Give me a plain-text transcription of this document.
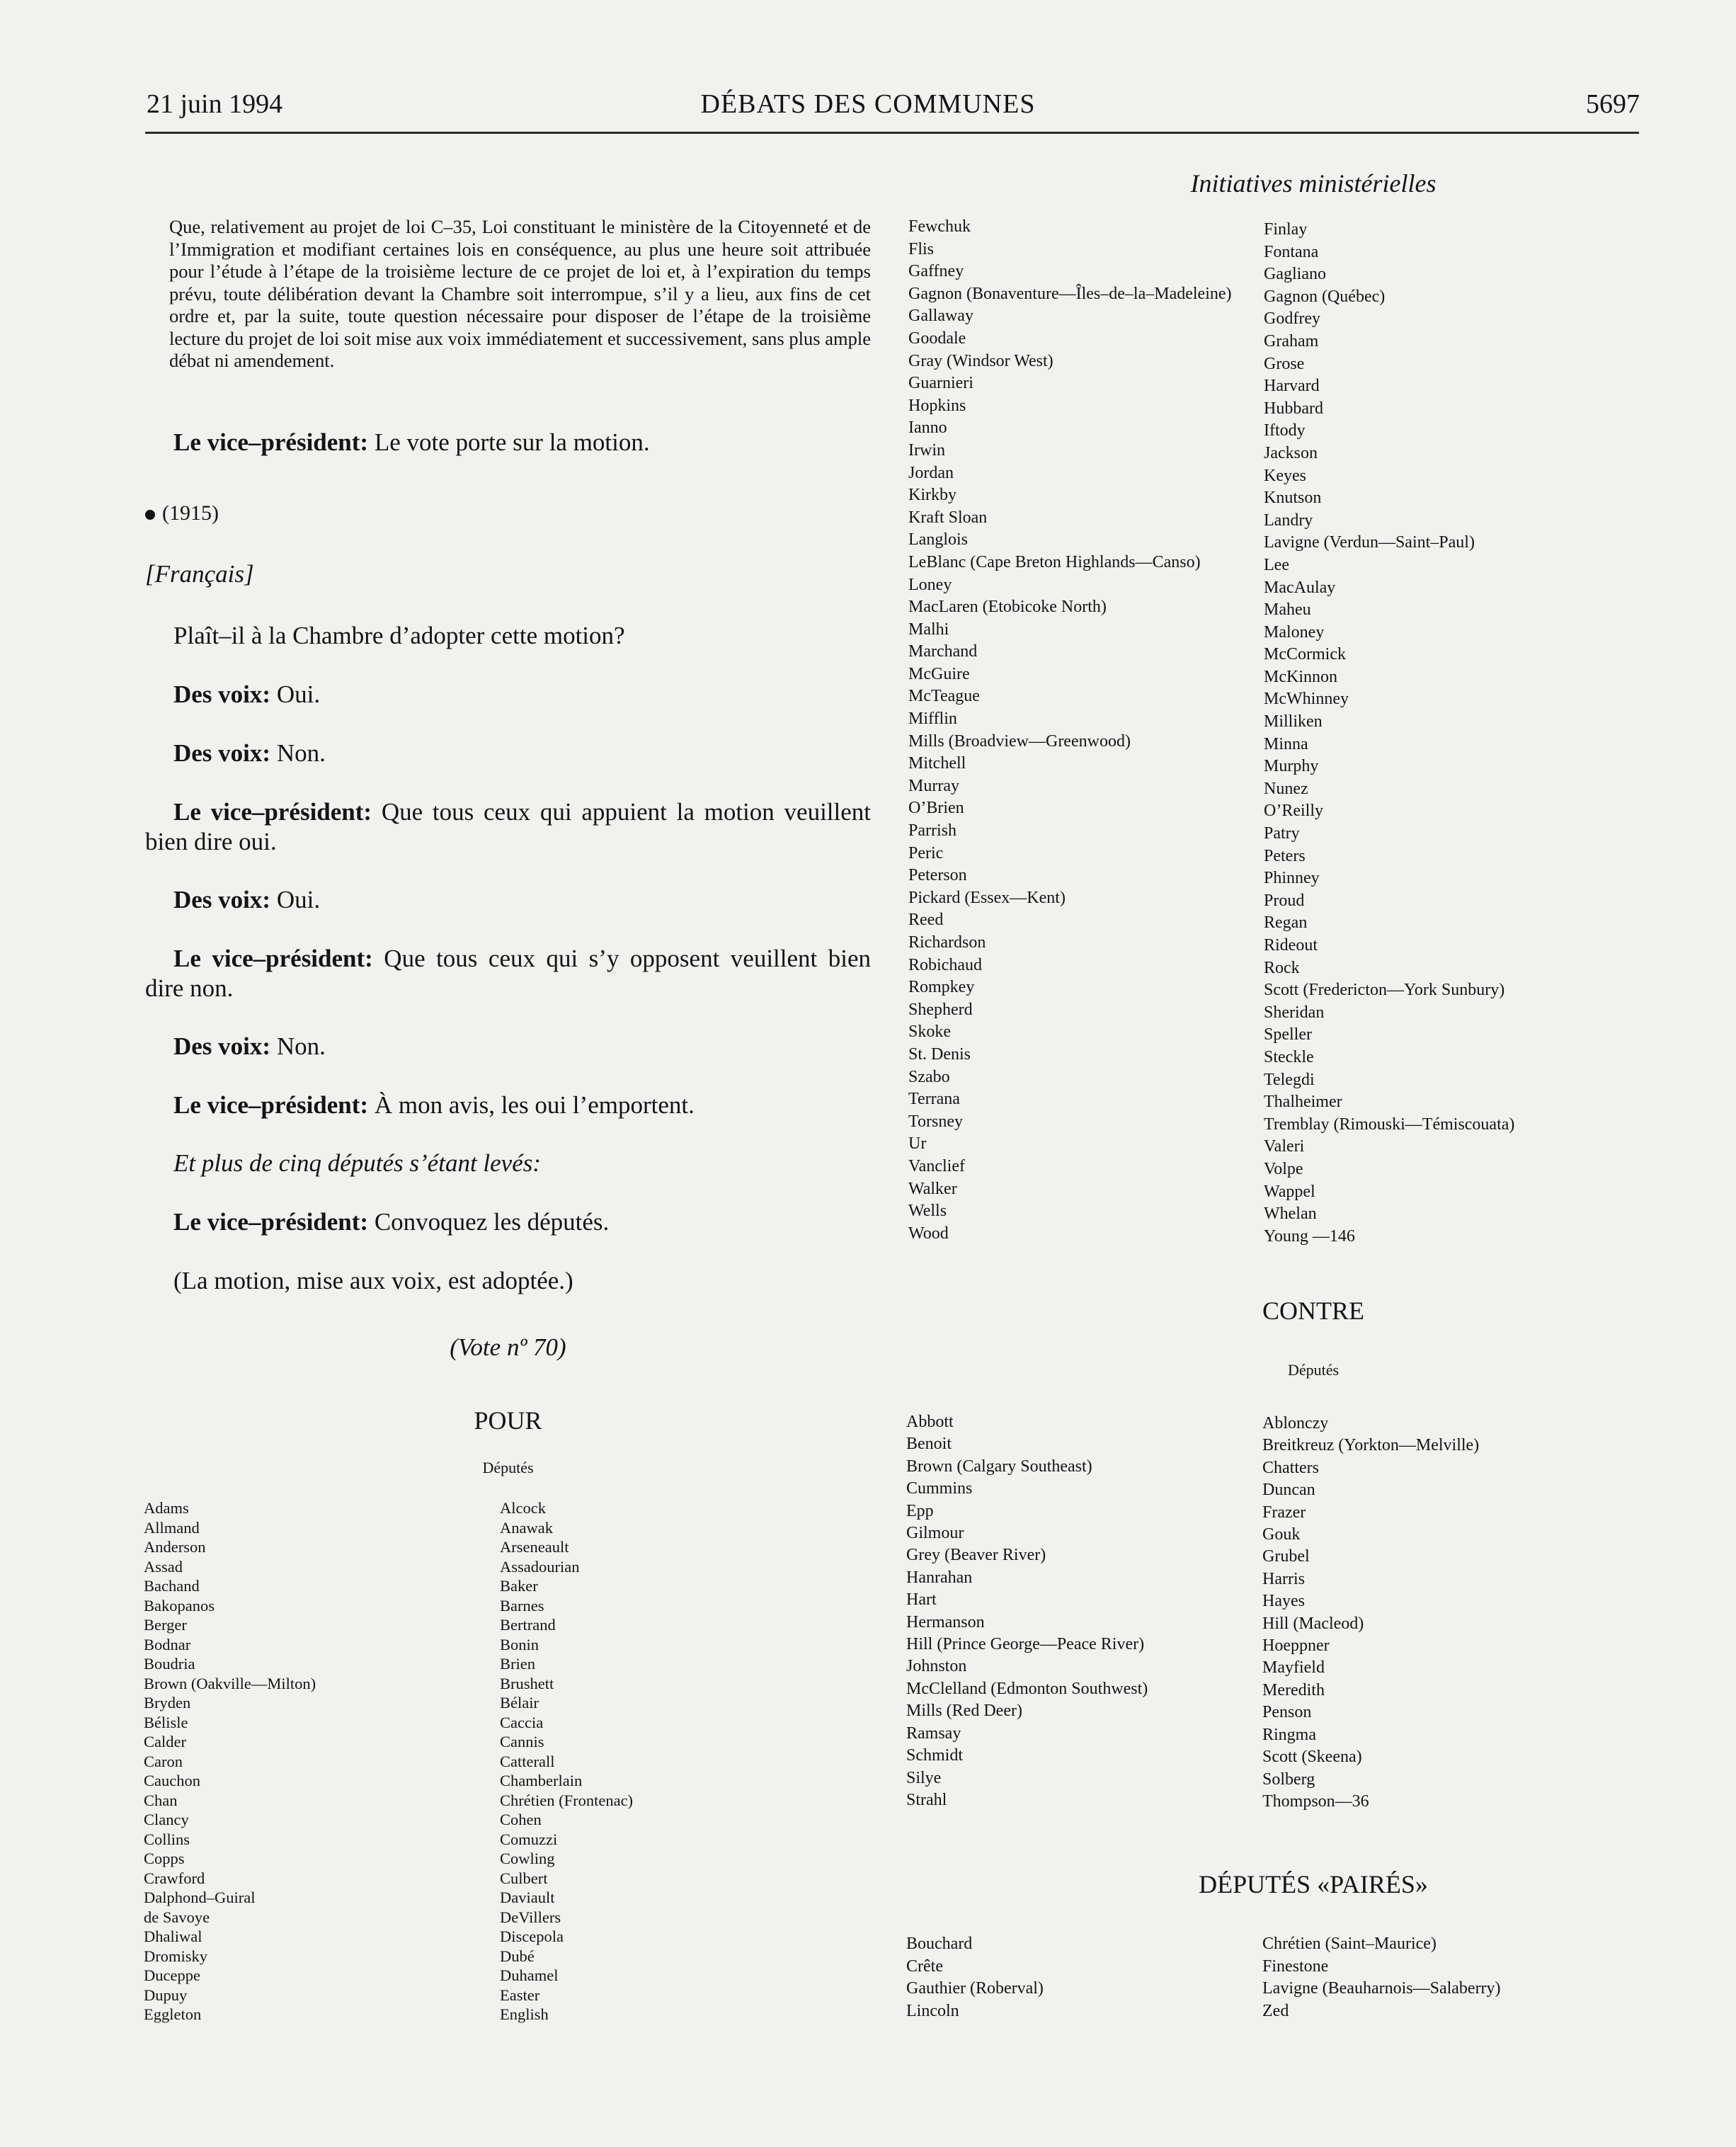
21 juin 1994	DÉBATS DES COMMUNES	5697
Initiatives ministérielles

Que, relativement au projet de loi C–35, Loi constituant le ministère de la Citoyenneté et de l’Immigration et modifiant certaines lois en conséquence, au plus une heure soit attribuée pour l’étude à l’étape de la troisième lecture de ce projet de loi et, à l’expiration du temps prévu, toute délibération devant la Chambre soit interrompue, s’il y a lieu, aux fins de cet ordre et, par la suite, toute question nécessaire pour disposer de l’étape de la troisième lecture du projet de loi soit mise aux voix immédiatement et successivement, sans plus ample débat ni amendement.

Le vice–président: Le vote porte sur la motion.

(1915)

[Français]

Plaît–il à la Chambre d’adopter cette motion?

Des voix: Oui.

Des voix: Non.

Le vice–président: Que tous ceux qui appuient la motion veuillent bien dire oui.

Des voix: Oui.

Le vice–président: Que tous ceux qui s’y opposent veuillent bien dire non.

Des voix: Non.

Le vice–président: À mon avis, les oui l’emportent.

Et plus de cinq députés s’étant levés:

Le vice–président: Convoquez les députés.

(La motion, mise aux voix, est adoptée.)

(Vote nº 70)

POUR
Députés
Adams
Allmand
Anderson
Assad
Bachand
Bakopanos
Berger
Bodnar
Boudria
Brown (Oakville—Milton)
Bryden
Bélisle
Calder
Caron
Cauchon
Chan
Clancy
Collins
Copps
Crawford
Dalphond–Guiral
de Savoye
Dhaliwal
Dromisky
Duceppe
Dupuy
Eggleton
Alcock
Anawak
Arseneault
Assadourian
Baker
Barnes
Bertrand
Bonin
Brien
Brushett
Bélair
Caccia
Cannis
Catterall
Chamberlain
Chrétien (Frontenac)
Cohen
Comuzzi
Cowling
Culbert
Daviault
DeVillers
Discepola
Dubé
Duhamel
Easter
English
Fewchuk
Flis
Gaffney
Gagnon (Bonaventure—Îles–de–la–Madeleine)
Gallaway
Goodale
Gray (Windsor West)
Guarnieri
Hopkins
Ianno
Irwin
Jordan
Kirkby
Kraft Sloan
Langlois
LeBlanc (Cape Breton Highlands—Canso)
Loney
MacLaren (Etobicoke North)
Malhi
Marchand
McGuire
McTeague
Mifflin
Mills (Broadview—Greenwood)
Mitchell
Murray
O’Brien
Parrish
Peric
Peterson
Pickard (Essex—Kent)
Reed
Richardson
Robichaud
Rompkey
Shepherd
Skoke
St. Denis
Szabo
Terrana
Torsney
Ur
Vanclief
Walker
Wells
Wood
Finlay
Fontana
Gagliano
Gagnon (Québec)
Godfrey
Graham
Grose
Harvard
Hubbard
Iftody
Jackson
Keyes
Knutson
Landry
Lavigne (Verdun—Saint–Paul)
Lee
MacAulay
Maheu
Maloney
McCormick
McKinnon
McWhinney
Milliken
Minna
Murphy
Nunez
O’Reilly
Patry
Peters
Phinney
Proud
Regan
Rideout
Rock
Scott (Fredericton—York Sunbury)
Sheridan
Speller
Steckle
Telegdi
Thalheimer
Tremblay (Rimouski—Témiscouata)
Valeri
Volpe
Wappel
Whelan
Young —146
CONTRE
Députés
Abbott
Benoit
Brown (Calgary Southeast)
Cummins
Epp
Gilmour
Grey (Beaver River)
Hanrahan
Hart
Hermanson
Hill (Prince George—Peace River)
Johnston
McClelland (Edmonton Southwest)
Mills (Red Deer)
Ramsay
Schmidt
Silye
Strahl
Ablonczy
Breitkreuz (Yorkton—Melville)
Chatters
Duncan
Frazer
Gouk
Grubel
Harris
Hayes
Hill (Macleod)
Hoeppner
Mayfield
Meredith
Penson
Ringma
Scott (Skeena)
Solberg
Thompson—36
DÉPUTÉS «PAIRÉS»
Bouchard
Crête
Gauthier (Roberval)
Lincoln
Chrétien (Saint–Maurice)
Finestone
Lavigne (Beauharnois—Salaberry)
Zed
